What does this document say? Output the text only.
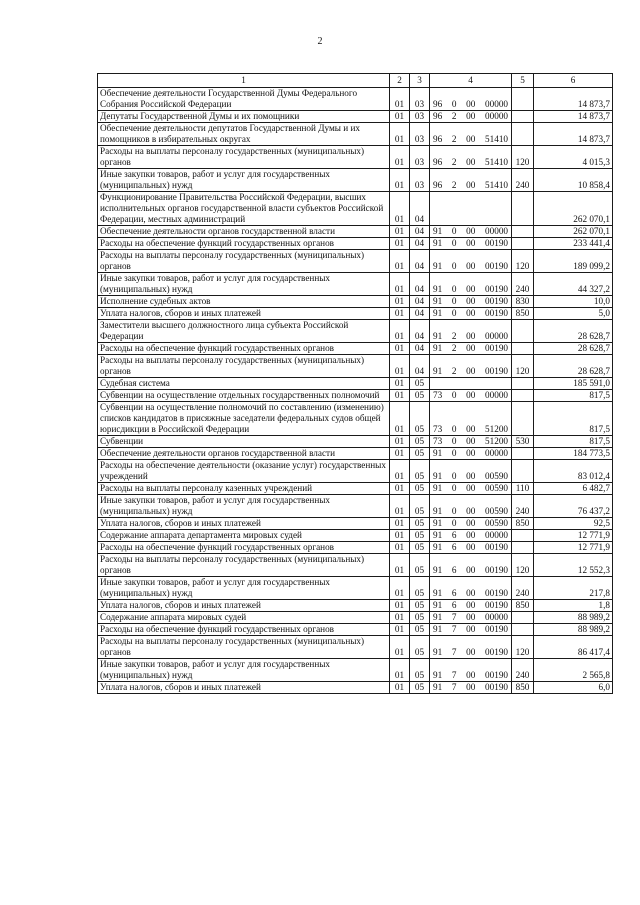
2
1	2	3	4	5	6
Обеспечение деятельности Государственной Думы Федерального Собрания Российской Федерации	01	03	96 0 00 00000		14 873,7
Депутаты Государственной Думы и их помощники	01	03	96 2 00 00000		14 873,7
Обеспечение деятельности депутатов Государственной Думы и их помощников в избирательных округах	01	03	96 2 00 51410		14 873,7
Расходы на выплаты персоналу государственных (муниципальных) органов	01	03	96 2 00 51410	120	4 015,3
Иные закупки товаров, работ и услуг для государственных (муниципальных) нужд	01	03	96 2 00 51410	240	10 858,4
Функционирование Правительства Российской Федерации, высших исполнительных органов государственной власти субъектов Российской Федерации, местных администраций	01	04			262 070,1
Обеспечение деятельности органов государственной власти	01	04	91 0 00 00000		262 070,1
Расходы на обеспечение функций государственных органов	01	04	91 0 00 00190		233 441,4
Расходы на выплаты персоналу государственных (муниципальных) органов	01	04	91 0 00 00190	120	189 099,2
Иные закупки товаров, работ и услуг для государственных (муниципальных) нужд	01	04	91 0 00 00190	240	44 327,2
Исполнение судебных актов	01	04	91 0 00 00190	830	10,0
Уплата налогов, сборов и иных платежей	01	04	91 0 00 00190	850	5,0
Заместители высшего должностного лица субъекта Российской Федерации	01	04	91 2 00 00000		28 628,7
Расходы на обеспечение функций государственных органов	01	04	91 2 00 00190		28 628,7
Расходы на выплаты персоналу государственных (муниципальных) органов	01	04	91 2 00 00190	120	28 628,7
Судебная система	01	05			185 591,0
Субвенции на осуществление отдельных государственных полномочий	01	05	73 0 00 00000		817,5
Субвенции на осуществление полномочий по составлению (изменению) списков кандидатов в присяжные заседатели федеральных судов общей юрисдикции в Российской Федерации	01	05	73 0 00 51200		817,5
Субвенции	01	05	73 0 00 51200	530	817,5
Обеспечение деятельности органов государственной власти	01	05	91 0 00 00000		184 773,5
Расходы на обеспечение деятельности (оказание услуг) государственных учреждений	01	05	91 0 00 00590		83 012,4
Расходы на выплаты персоналу казенных учреждений	01	05	91 0 00 00590	110	6 482,7
Иные закупки товаров, работ и услуг для государственных (муниципальных) нужд	01	05	91 0 00 00590	240	76 437,2
Уплата налогов, сборов и иных платежей	01	05	91 0 00 00590	850	92,5
Содержание аппарата департамента мировых судей	01	05	91 6 00 00000		12 771,9
Расходы на обеспечение функций государственных органов	01	05	91 6 00 00190		12 771,9
Расходы на выплаты персоналу государственных (муниципальных) органов	01	05	91 6 00 00190	120	12 552,3
Иные закупки товаров, работ и услуг для государственных (муниципальных) нужд	01	05	91 6 00 00190	240	217,8
Уплата налогов, сборов и иных платежей	01	05	91 6 00 00190	850	1,8
Содержание аппарата мировых судей	01	05	91 7 00 00000		88 989,2
Расходы на обеспечение функций государственных органов	01	05	91 7 00 00190		88 989,2
Расходы на выплаты персоналу государственных (муниципальных) органов	01	05	91 7 00 00190	120	86 417,4
Иные закупки товаров, работ и услуг для государственных (муниципальных) нужд	01	05	91 7 00 00190	240	2 565,8
Уплата налогов, сборов и иных платежей	01	05	91 7 00 00190	850	6,0
